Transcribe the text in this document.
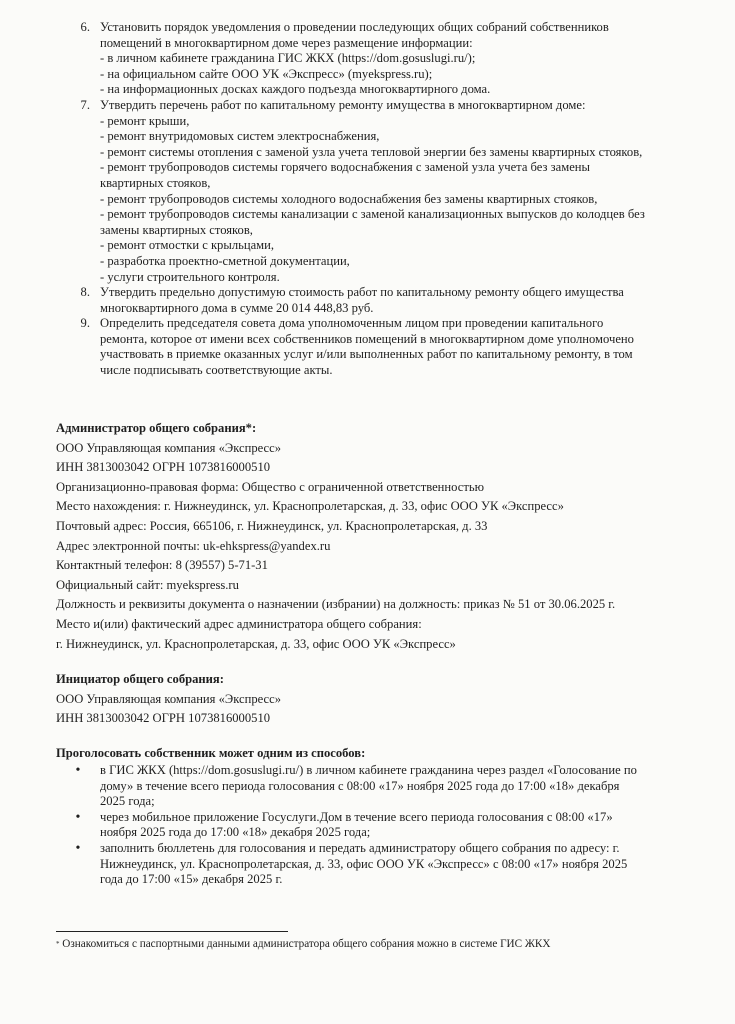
6. Установить порядок уведомления о проведении последующих общих собраний собственников
помещений в многоквартирном доме через размещение информации:
- в личном кабинете гражданина ГИС ЖКХ (https://dom.gosuslugi.ru/);
- на официальном сайте ООО УК «Экспресс» (myekspress.ru);
- на информационных досках каждого подъезда многоквартирного дома.
7. Утвердить перечень работ по капитальному ремонту имущества в многоквартирном доме:
- ремонт крыши,
- ремонт внутридомовых систем электроснабжения,
- ремонт системы отопления с заменой узла учета тепловой энергии без замены квартирных стояков,
- ремонт трубопроводов системы горячего водоснабжения с заменой узла учета без замены
квартирных стояков,
- ремонт трубопроводов системы холодного водоснабжения без замены квартирных стояков,
- ремонт трубопроводов системы канализации с заменой канализационных выпусков до колодцев без
замены квартирных стояков,
- ремонт отмостки с крыльцами,
- разработка проектно-сметной документации,
- услуги строительного контроля.
8. Утвердить предельно допустимую стоимость работ по капитальному ремонту общего имущества
многоквартирного дома в сумме 20 014 448,83 руб.
9. Определить председателя совета дома уполномоченным лицом при проведении капитального
ремонта, которое от имени всех собственников помещений в многоквартирном доме уполномочено
участвовать в приемке оказанных услуг и/или выполненных работ по капитальному ремонту, в том
числе подписывать соответствующие акты.
Администратор общего собрания*:
ООО Управляющая компания «Экспресс»
ИНН 3813003042 ОГРН 1073816000510
Организационно-правовая форма: Общество с ограниченной ответственностью
Место нахождения: г. Нижнеудинск, ул. Краснопролетарская, д. 33, офис ООО УК «Экспресс»
Почтовый адрес: Россия, 665106, г. Нижнеудинск, ул. Краснопролетарская, д. 33
Адрес электронной почты: uk-ehkspress@yandex.ru
Контактный телефон: 8 (39557) 5-71-31
Официальный сайт: myekspress.ru
Должность и реквизиты документа о назначении (избрании) на должность: приказ № 51 от 30.06.2025 г.
Место и(или) фактический адрес администратора общего собрания:
г. Нижнеудинск, ул. Краснопролетарская, д. 33, офис ООО УК «Экспресс»
Инициатор общего собрания:
ООО Управляющая компания «Экспресс»
ИНН 3813003042 ОГРН 1073816000510
Проголосовать собственник может одним из способов:
•	в ГИС ЖКХ (https://dom.gosuslugi.ru/) в личном кабинете гражданина через раздел «Голосование по
дому» в течение всего периода голосования с 08:00 «17» ноября 2025 года до 17:00 «18» декабря
2025 года;
•	через мобильное приложение Госуслуги.Дом в течение всего периода голосования с 08:00 «17»
ноября 2025 года до 17:00 «18» декабря 2025 года;
•	заполнить бюллетень для голосования и передать администратору общего собрания по адресу: г.
Нижнеудинск, ул. Краснопролетарская, д. 33, офис ООО УК «Экспресс» с 08:00 «17» ноября 2025
года до 17:00 «15» декабря 2025 г.
* Ознакомиться с паспортными данными администратора общего собрания можно в системе ГИС ЖКХ
